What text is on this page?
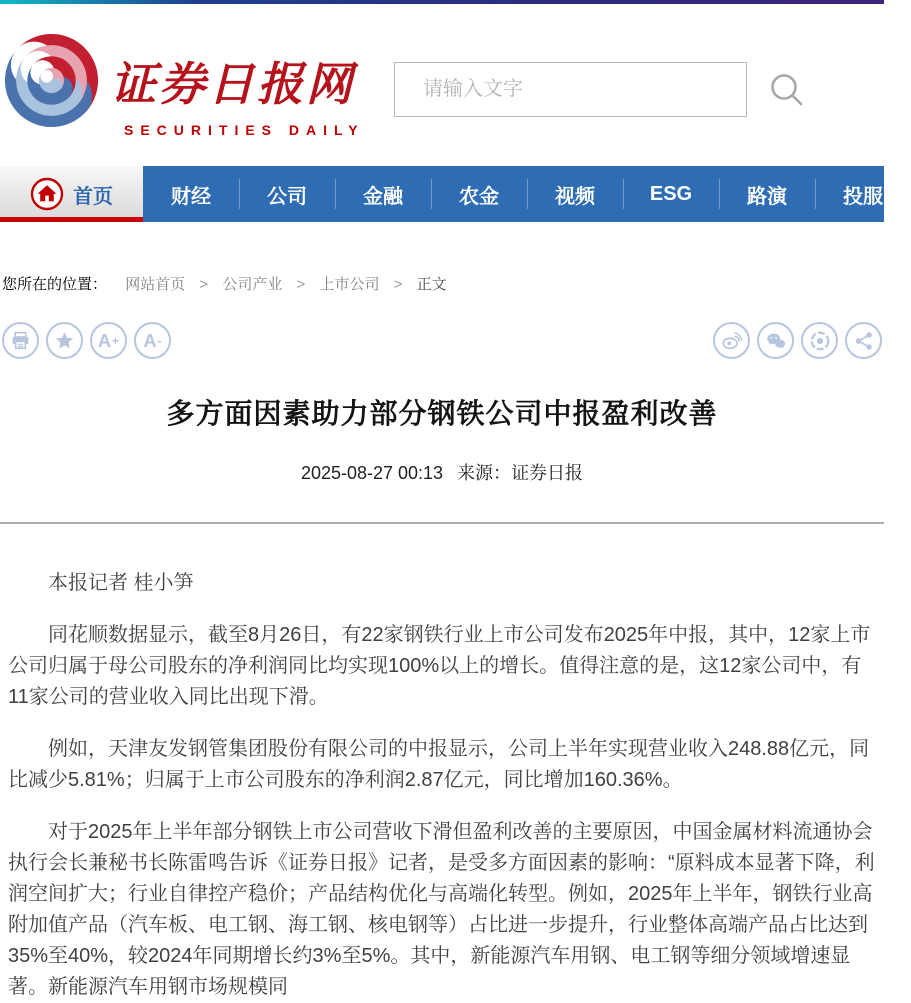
证券日报网
SECURITIES DAILY
请输入文字
首页	财经	公司	金融	农金	视频	ESG	路演	投服
您所在的位置： 网站首页 > 公司产业 > 上市公司 > 正文
A + A -
多方面因素助力部分钢铁公司中报盈利改善
2025-08-27 00:13 来源：证券日报

本报记者 桂小笋

同花顺数据显示，截至8月26日，有22家钢铁行业上市公司发布2025年中报，其中，12家上市公司归属于母公司股东的净利润同比均实现100%以上的增长。值得注意的是，这12家公司中，有11家公司的营业收入同比出现下滑。

例如，天津友发钢管集团股份有限公司的中报显示，公司上半年实现营业收入248.88亿元，同比减少5.81%；归属于上市公司股东的净利润2.87亿元，同比增加160.36%。

对于2025年上半年部分钢铁上市公司营收下滑但盈利改善的主要原因，中国金属材料流通协会执行会长兼秘书长陈雷鸣告诉《证券日报》记者，是受多方面因素的影响：“原料成本显著下降，利润空间扩大；行业自律控产稳价；产品结构优化与高端化转型。例如，2025年上半年，钢铁行业高附加值产品（汽车板、电工钢、海工钢、核电钢等）占比进一步提升，行业整体高端产品占比达到35%至40%，较2024年同期增长约3%至5%。其中，新能源汽车用钢、电工钢等细分领域增速显著。新能源汽车用钢市场规模同
